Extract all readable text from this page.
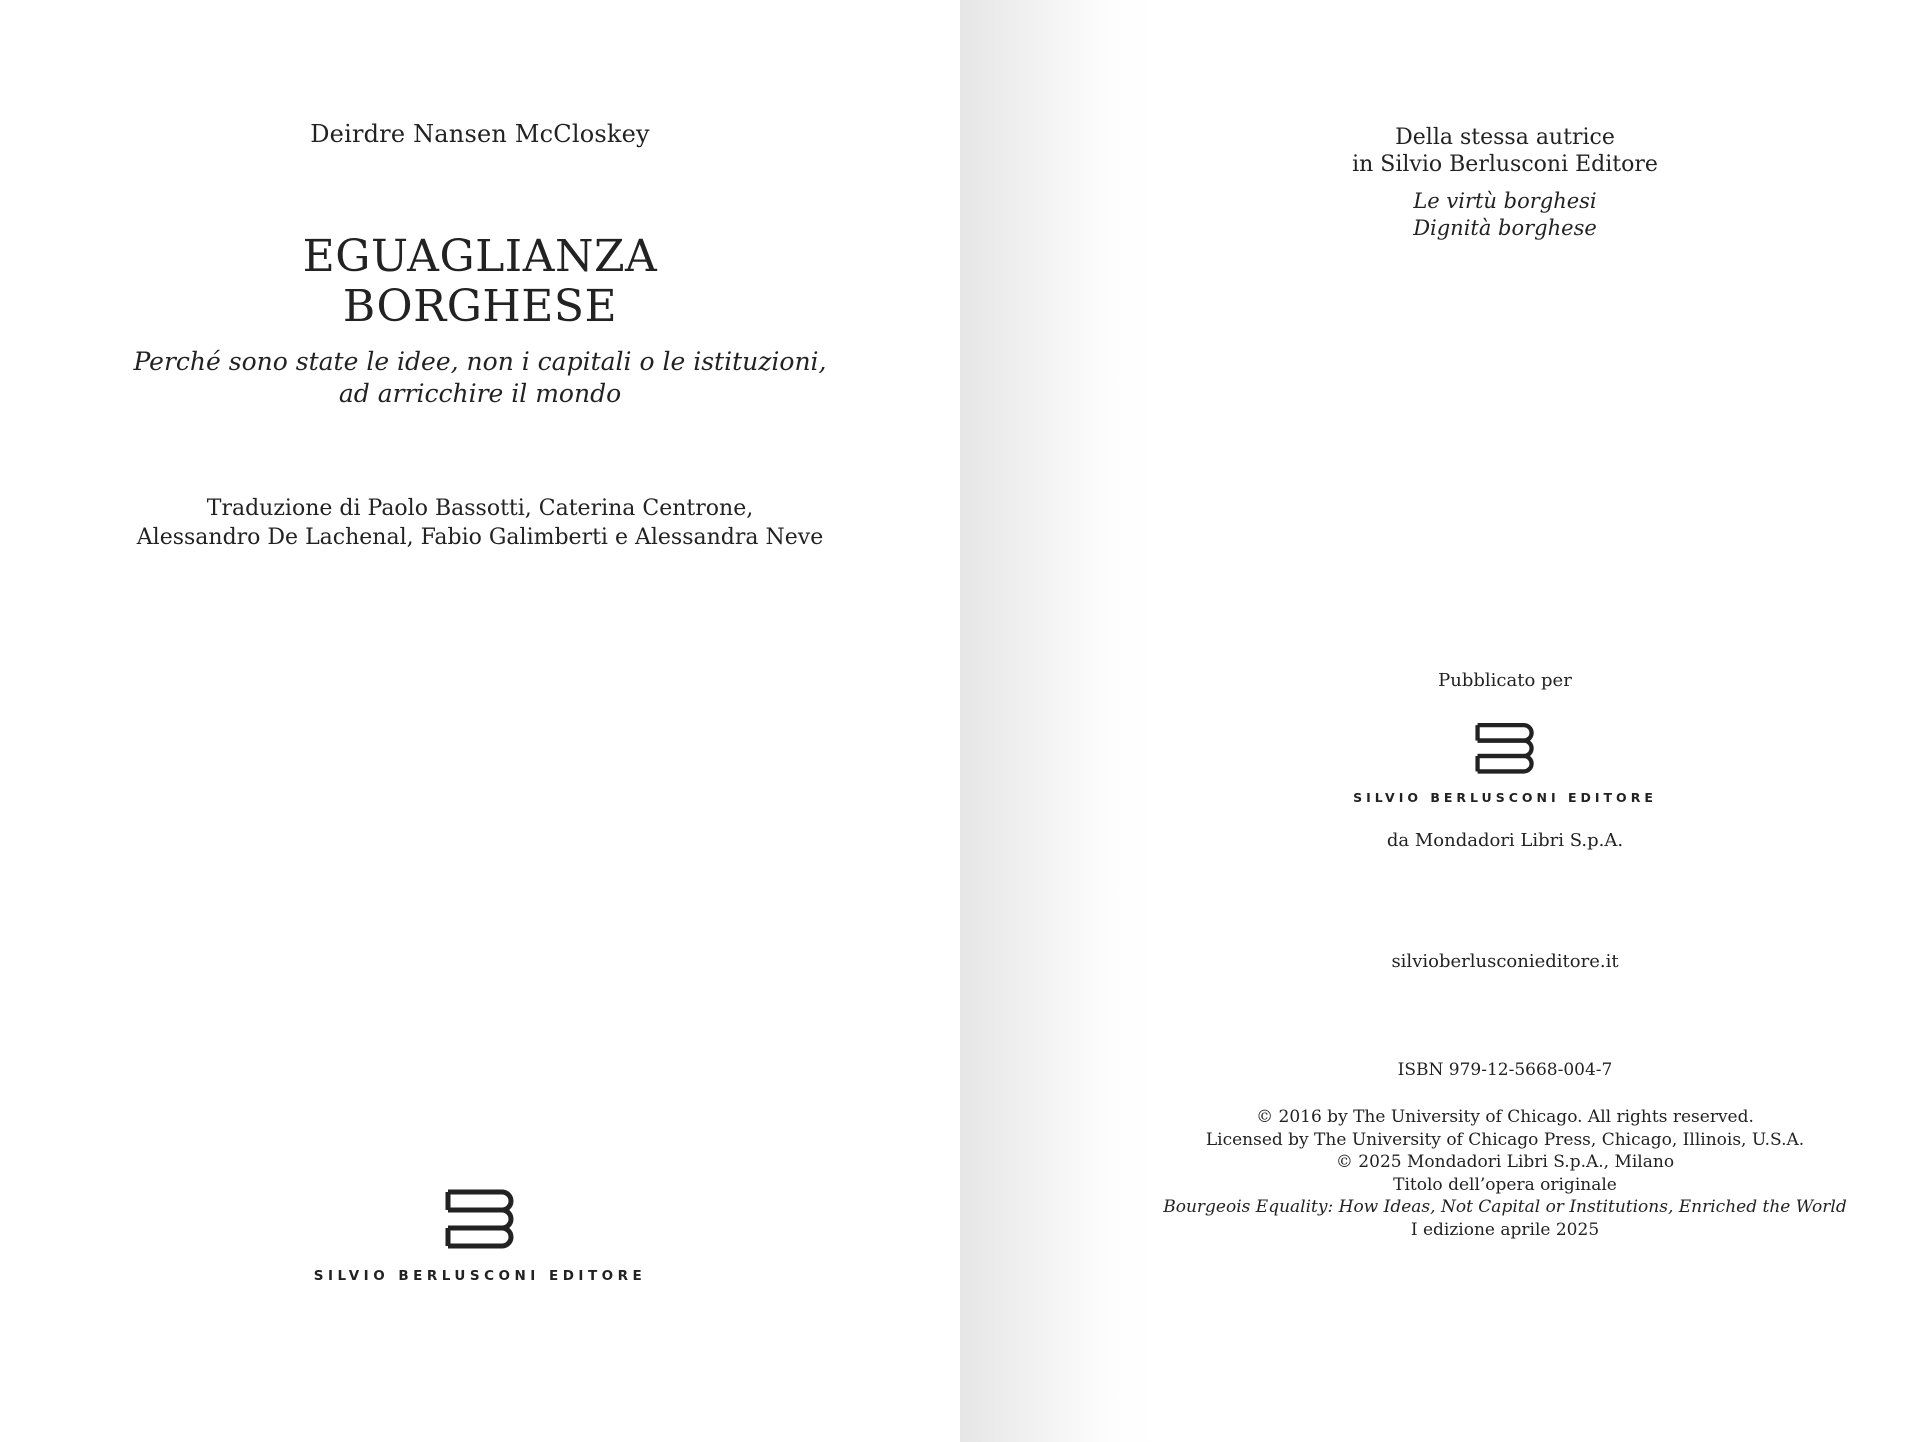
Deirdre Nansen McCloskey
EGUAGLIANZA
BORGHESE
Perché sono state le idee, non i capitali o le istituzioni,
ad arricchire il mondo
Traduzione di Paolo Bassotti, Caterina Centrone,
Alessandro De Lachenal, Fabio Galimberti e Alessandra Neve
SILVIO BERLUSCONI EDITORE
Della stessa autrice
in Silvio Berlusconi Editore
Le virtù borghesi
Dignità borghese
Pubblicato per
SILVIO BERLUSCONI EDITORE
da Mondadori Libri S.p.A.
silvioberlusconieditore.it
ISBN 979-12-5668-004-7
© 2016 by The University of Chicago. All rights reserved.
Licensed by The University of Chicago Press, Chicago, Illinois, U.S.A.
© 2025 Mondadori Libri S.p.A., Milano
Titolo dell’opera originale
Bourgeois Equality: How Ideas, Not Capital or Institutions, Enriched the World
I edizione aprile 2025
